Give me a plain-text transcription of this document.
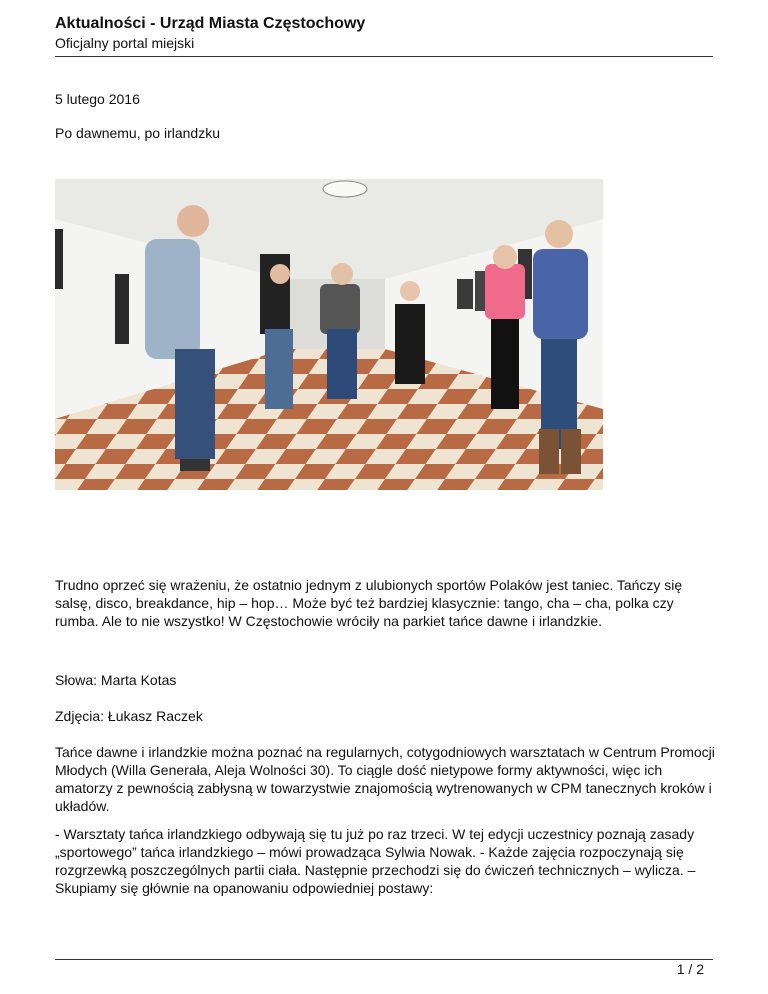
Aktualności - Urząd Miasta Częstochowy
Oficjalny portal miejski
5 lutego 2016
Po dawnemu, po irlandzku
Trudno oprzeć się wrażeniu, że ostatnio jednym z ulubionych sportów Polaków jest taniec. Tańczy się salsę, disco, breakdance, hip – hop… Może być też bardziej klasycznie: tango, cha – cha, polka czy rumba. Ale to nie wszystko! W Częstochowie wróciły na parkiet tańce dawne i irlandzkie.
Słowa: Marta Kotas
Zdjęcia: Łukasz Raczek
Tańce dawne i irlandzkie można poznać na regularnych, cotygodniowych warsztatach w Centrum Promocji Młodych (Willa Generała, Aleja Wolności 30). To ciągle dość nietypowe formy aktywności, więc ich amatorzy z pewnością zabłysną w towarzystwie znajomością wytrenowanych w CPM tanecznych kroków i układów.
- Warsztaty tańca irlandzkiego odbywają się tu już po raz trzeci. W tej edycji uczestnicy poznają zasady „sportowego” tańca irlandzkiego – mówi prowadząca Sylwia Nowak. - Każde zajęcia rozpoczynają się rozgrzewką poszczególnych partii ciała. Następnie przechodzi się do ćwiczeń technicznych – wylicza. – Skupiamy się głównie na opanowaniu odpowiedniej postawy:
1 / 2
